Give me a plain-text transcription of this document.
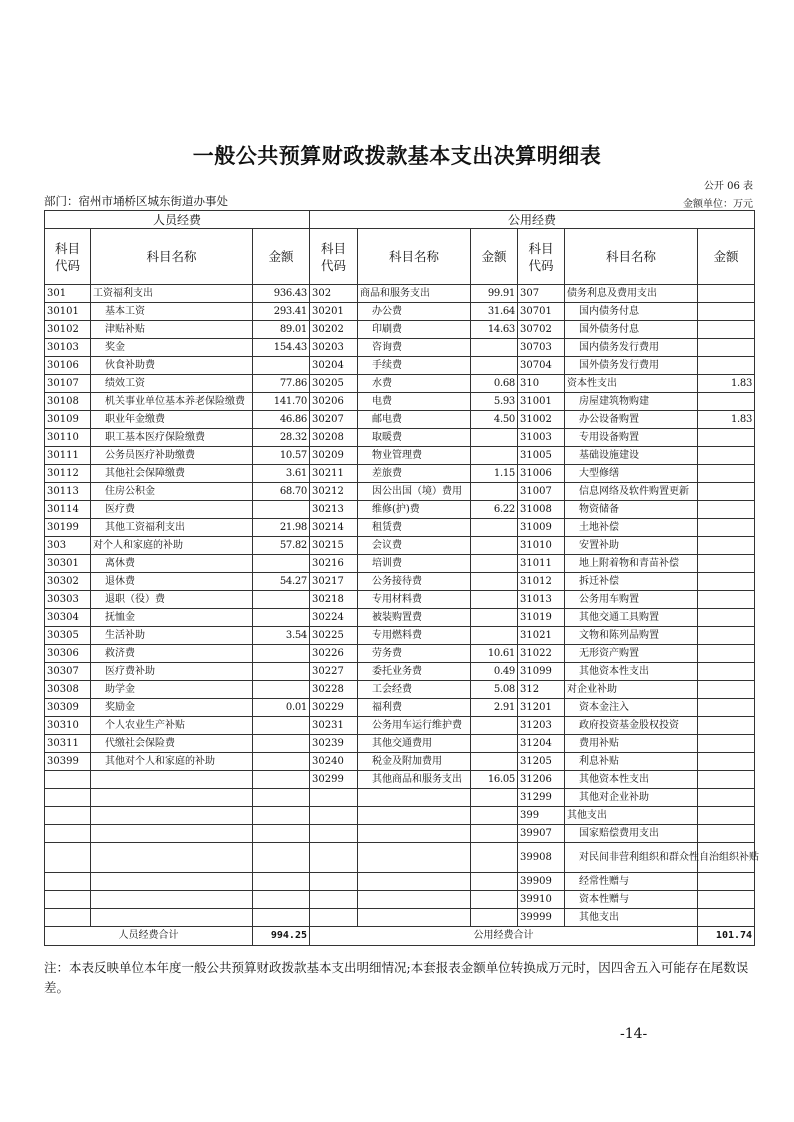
一般公共预算财政拨款基本支出决算明细表
公开 06 表
部门：宿州市埇桥区城东街道办事处	金额单位：万元
人员经费	公用经费
科目
代码	科目名称	金额	科目
代码	科目名称	金额	科目
代码	科目名称	金额
301	工资福利支出	936.43	302	商品和服务支出	99.91	307	债务利息及费用支出	
30101	基本工资	293.41	30201	办公费	31.64	30701	国内债务付息	
30102	津贴补贴	89.01	30202	印刷费	14.63	30702	国外债务付息	
30103	奖金	154.43	30203	咨询费		30703	国内债务发行费用	
30106	伙食补助费		30204	手续费		30704	国外债务发行费用	
30107	绩效工资	77.86	30205	水费	0.68	310	资本性支出	1.83
30108	机关事业单位基本养老保险缴费	141.70	30206	电费	5.93	31001	房屋建筑物购建	
30109	职业年金缴费	46.86	30207	邮电费	4.50	31002	办公设备购置	1.83
30110	职工基本医疗保险缴费	28.32	30208	取暖费		31003	专用设备购置	
30111	公务员医疗补助缴费	10.57	30209	物业管理费		31005	基础设施建设	
30112	其他社会保障缴费	3.61	30211	差旅费	1.15	31006	大型修缮	
30113	住房公积金	68.70	30212	因公出国（境）费用		31007	信息网络及软件购置更新	
30114	医疗费		30213	维修(护)费	6.22	31008	物资储备	
30199	其他工资福利支出	21.98	30214	租赁费		31009	土地补偿	
303	对个人和家庭的补助	57.82	30215	会议费		31010	安置补助	
30301	离休费		30216	培训费		31011	地上附着物和青苗补偿	
30302	退休费	54.27	30217	公务接待费		31012	拆迁补偿	
30303	退职（役）费		30218	专用材料费		31013	公务用车购置	
30304	抚恤金		30224	被装购置费		31019	其他交通工具购置	
30305	生活补助	3.54	30225	专用燃料费		31021	文物和陈列品购置	
30306	救济费		30226	劳务费	10.61	31022	无形资产购置	
30307	医疗费补助		30227	委托业务费	0.49	31099	其他资本性支出	
30308	助学金		30228	工会经费	5.08	312	对企业补助	
30309	奖励金	0.01	30229	福利费	2.91	31201	资本金注入	
30310	个人农业生产补贴		30231	公务用车运行维护费		31203	政府投资基金股权投资	
30311	代缴社会保险费		30239	其他交通费用		31204	费用补贴	
30399	其他对个人和家庭的补助		30240	税金及附加费用		31205	利息补贴	
			30299	其他商品和服务支出	16.05	31206	其他资本性支出	
						31299	其他对企业补助	
						399	其他支出	
						39907	国家赔偿费用支出	
						39908	对民间非营利组织和群众性自治组织补贴	
						39909	经常性赠与	
						39910	资本性赠与	
						39999	其他支出	
人员经费合计	994.25	公用经费合计	101.74
注：本表反映单位本年度一般公共预算财政拨款基本支出明细情况;本套报表金额单位转换成万元时，因四舍五入可能存在尾数误差。
-14-
